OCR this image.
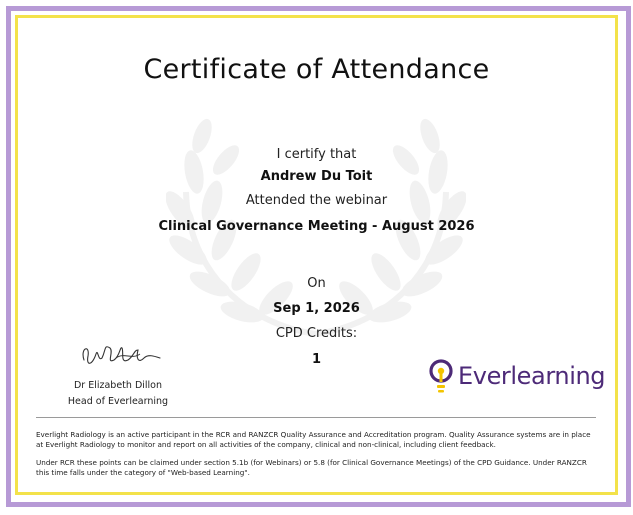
Certificate of Attendance
I certify that
Andrew Du Toit
Attended the webinar
Clinical Governance Meeting - August 2026
On
Sep 1, 2026
CPD Credits:
1
Dr Elizabeth Dillon
Head of Everlearning
Everlearning
Everlight Radiology is an active participant in the RCR and RANZCR Quality Assurance and Accreditation program. Quality Assurance systems are in place at Everlight Radiology to monitor and report on all activities of the company, clinical and non-clinical, including client feedback.
Under RCR these points can be claimed under section 5.1b (for Webinars) or 5.8 (for Clinical Governance Meetings) of the CPD Guidance. Under RANZCR this time falls under the category of "Web-based Learning".
